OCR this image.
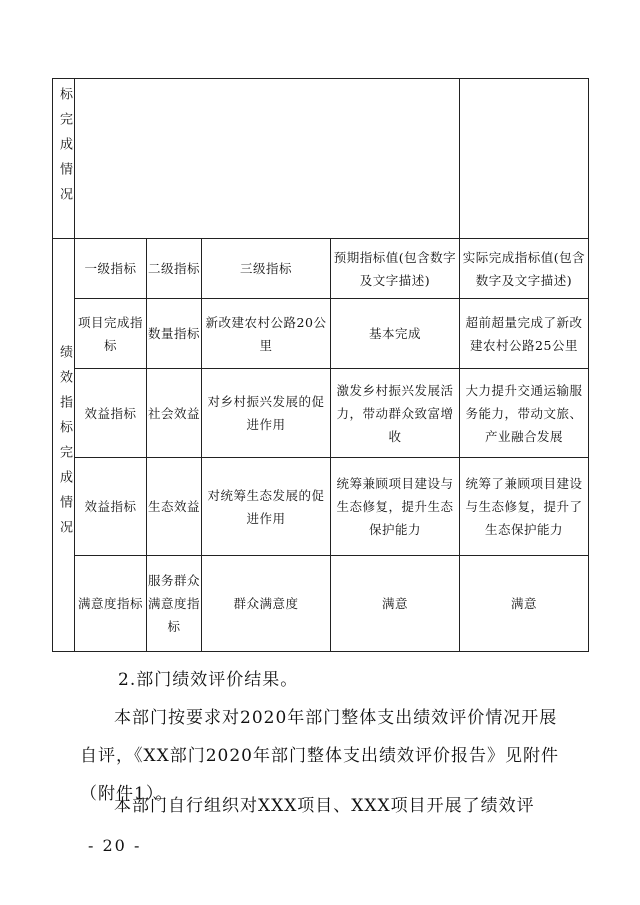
标完成情况					

绩效指标完成情况	一级指标	二级指标	三级指标	预期指标值(包含数字及文字描述)	实际完成指标值(包含数字及文字描述)
	项目完成指标	数量指标	新改建农村公路20公里	基本完成	超前超量完成了新改建农村公路25公里
	效益指标	社会效益	对乡村振兴发展的促进作用	激发乡村振兴发展活力，带动群众致富增收	大力提升交通运输服务能力，带动文旅、产业融合发展
	效益指标	生态效益	对统筹生态发展的促进作用	统筹兼顾项目建设与生态修复，提升生态保护能力	统筹了兼顾项目建设与生态修复，提升了生态保护能力
	满意度指标	服务群众满意度指标	群众满意度	满意	满意

2.部门绩效评价结果。

本部门按要求对2020年部门整体支出绩效评价情况开展自评，《XX部门2020年部门整体支出绩效评价报告》见附件（附件1）。

本部门自行组织对XXX项目、XXX项目开展了绩效评

- 20 -
